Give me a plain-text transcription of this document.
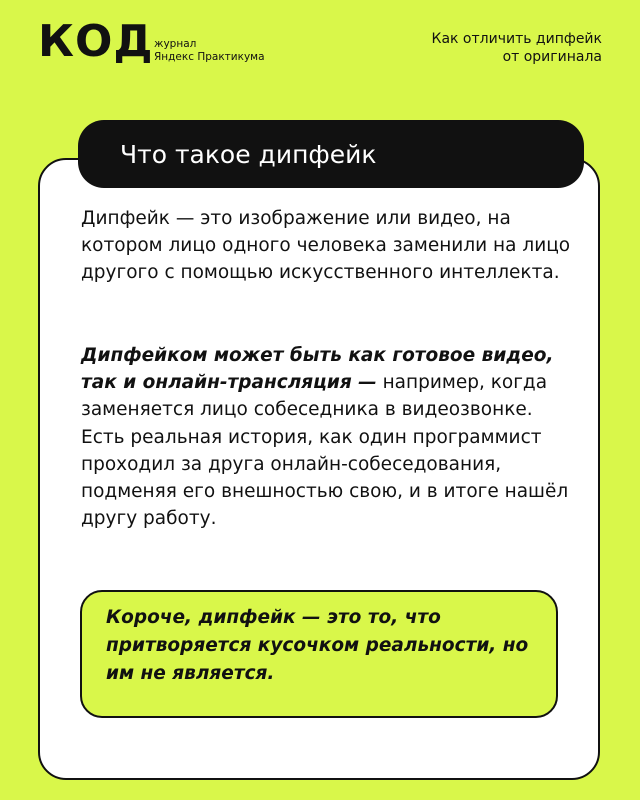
КОД журнал
Яндекс Практикума
Как отличить дипфейк
от оригинала
Что такое дипфейк

Дипфейк — это изображение или видео, на котором лицо одного человека заменили на лицо другого с помощью искусственного интеллекта.

Дипфейком может быть как готовое видео, так и онлайн-трансляция — например, когда заменяется лицо собеседника в видеозвонке. Есть реальная история, как один программист проходил за друга онлайн-собеседования, подменяя его внешностью свою, и в итоге нашёл другу работу.

Короче, дипфейк — это то, что притворяется кусочком реальности, но им не является.
